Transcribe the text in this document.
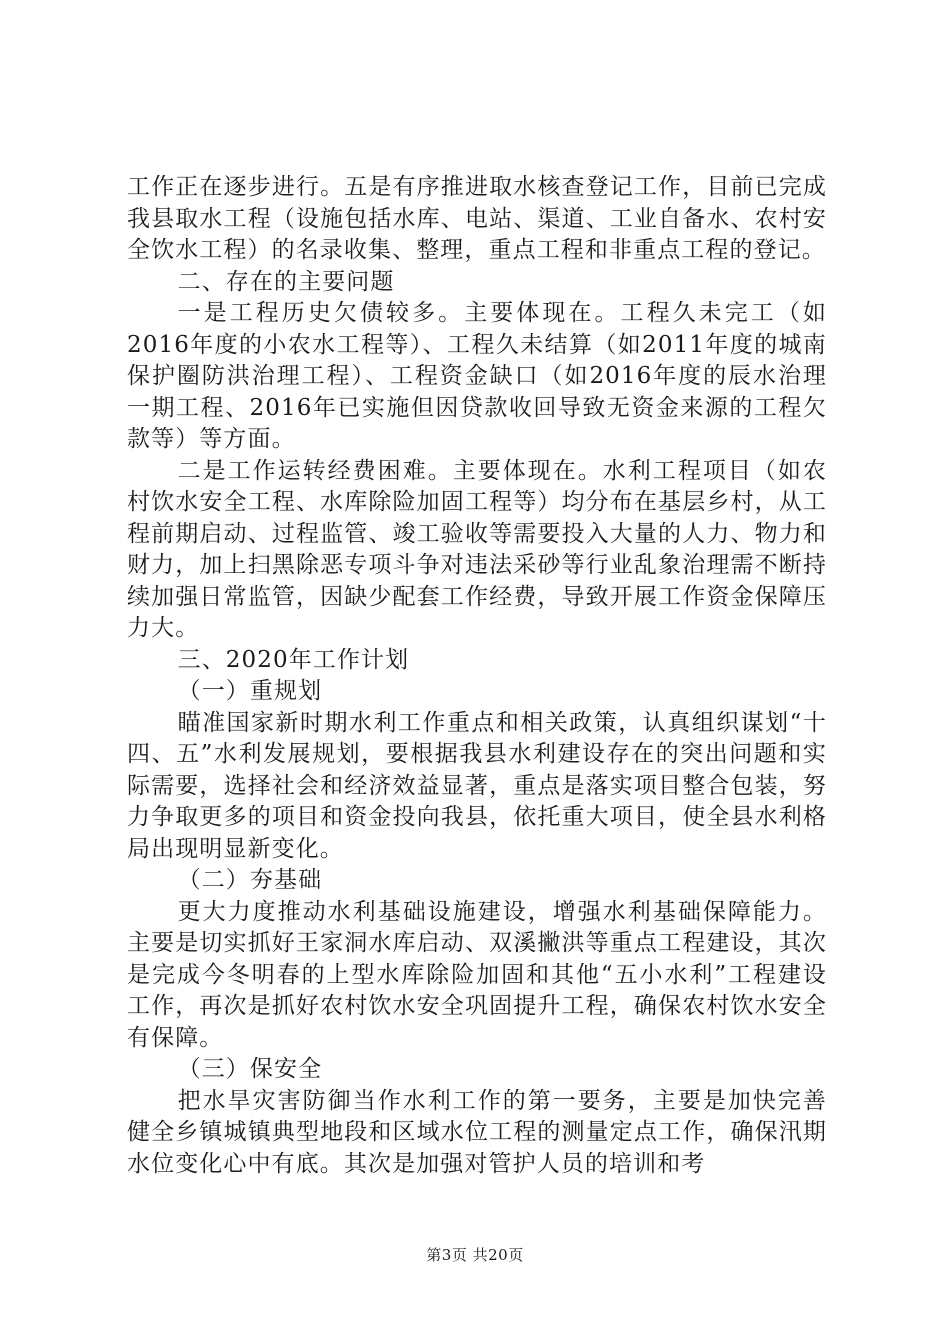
工作正在逐步进行。五是有序推进取水核查登记工作，目前已完成我县取水工程（设施包括水库、电站、渠道、工业自备水、农村安全饮水工程）的名录收集、整理，重点工程和非重点工程的登记。

二、存在的主要问题

一是工程历史欠债较多。主要体现在。工程久未完工（如2016年度的小农水工程等）、工程久未结算（如2011年度的城南保护圈防洪治理工程）、工程资金缺口（如2016年度的辰水治理一期工程、2016年已实施但因贷款收回导致无资金来源的工程欠款等）等方面。

二是工作运转经费困难。主要体现在。水利工程项目（如农村饮水安全工程、水库除险加固工程等）均分布在基层乡村，从工程前期启动、过程监管、竣工验收等需要投入大量的人力、物力和财力，加上扫黑除恶专项斗争对违法采砂等行业乱象治理需不断持续加强日常监管，因缺少配套工作经费，导致开展工作资金保障压力大。

三、2020年工作计划

（一）重规划

瞄准国家新时期水利工作重点和相关政策，认真组织谋划“十四、五”水利发展规划，要根据我县水利建设存在的突出问题和实际需要，选择社会和经济效益显著，重点是落实项目整合包装，努力争取更多的项目和资金投向我县，依托重大项目，使全县水利格局出现明显新变化。

（二）夯基础

更大力度推动水利基础设施建设，增强水利基础保障能力。主要是切实抓好王家洞水库启动、双溪撇洪等重点工程建设，其次是完成今冬明春的上型水库除险加固和其他“五小水利”工程建设工作，再次是抓好农村饮水安全巩固提升工程，确保农村饮水安全有保障。

（三）保安全

把水旱灾害防御当作水利工作的第一要务，主要是加快完善健全乡镇城镇典型地段和区域水位工程的测量定点工作，确保汛期水位变化心中有底。其次是加强对管护人员的培训和考

第3页 共20页
